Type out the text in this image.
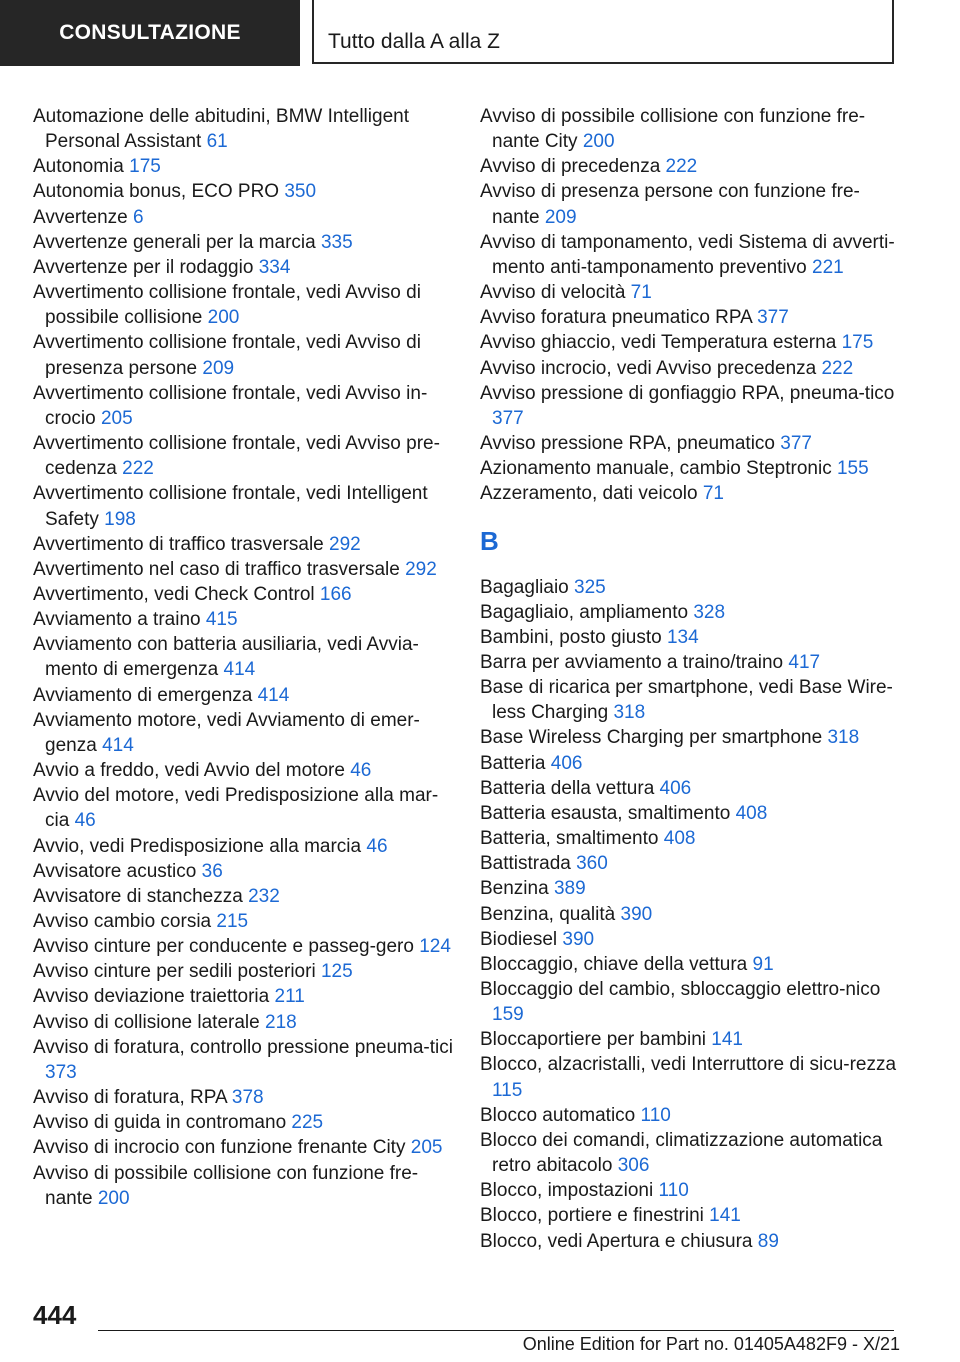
CONSULTAZIONE	Tutto dalla A alla Z

Automazione delle abitudini, BMW Intelligent Personal Assistant 61

Autonomia 175

Autonomia bonus, ECO PRO 350

Avvertenze 6

Avvertenze generali per la marcia 335

Avvertenze per il rodaggio 334

Avvertimento collisione frontale, vedi Avviso di possibile collisione 200

Avvertimento collisione frontale, vedi Avviso di presenza persone 209

Avvertimento collisione frontale, vedi Avviso in-crocio 205

Avvertimento collisione frontale, vedi Avviso pre-cedenza 222

Avvertimento collisione frontale, vedi Intelligent Safety 198

Avvertimento di traffico trasversale 292

Avvertimento nel caso di traffico trasversale 292

Avvertimento, vedi Check Control 166

Avviamento a traino 415

Avviamento con batteria ausiliaria, vedi Avvia-mento di emergenza 414

Avviamento di emergenza 414

Avviamento motore, vedi Avviamento di emer-genza 414

Avvio a freddo, vedi Avvio del motore 46

Avvio del motore, vedi Predisposizione alla mar-cia 46

Avvio, vedi Predisposizione alla marcia 46

Avvisatore acustico 36

Avvisatore di stanchezza 232

Avviso cambio corsia 215

Avviso cinture per conducente e passeg-gero 124

Avviso cinture per sedili posteriori 125

Avviso deviazione traiettoria 211

Avviso di collisione laterale 218

Avviso di foratura, controllo pressione pneuma-tici 373

Avviso di foratura, RPA 378

Avviso di guida in contromano 225

Avviso di incrocio con funzione frenante City 205

Avviso di possibile collisione con funzione fre-nante 200

Avviso di possibile collisione con funzione fre-nante City 200

Avviso di precedenza 222

Avviso di presenza persone con funzione fre-nante 209

Avviso di tamponamento, vedi Sistema di avverti-mento anti-tamponamento preventivo 221

Avviso di velocità 71

Avviso foratura pneumatico RPA 377

Avviso ghiaccio, vedi Temperatura esterna 175

Avviso incrocio, vedi Avviso precedenza 222

Avviso pressione di gonfiaggio RPA, pneuma-tico 377

Avviso pressione RPA, pneumatico 377

Azionamento manuale, cambio Steptronic 155

Azzeramento, dati veicolo 71

B

Bagagliaio 325

Bagagliaio, ampliamento 328

Bambini, posto giusto 134

Barra per avviamento a traino/traino 417

Base di ricarica per smartphone, vedi Base Wire-less Charging 318

Base Wireless Charging per smartphone 318

Batteria 406

Batteria della vettura 406

Batteria esausta, smaltimento 408

Batteria, smaltimento 408

Battistrada 360

Benzina 389

Benzina, qualità 390

Biodiesel 390

Bloccaggio, chiave della vettura 91

Bloccaggio del cambio, sbloccaggio elettro-nico 159

Bloccaportiere per bambini 141

Blocco, alzacristalli, vedi Interruttore di sicu-rezza 115

Blocco automatico 110

Blocco dei comandi, climatizzazione automatica retro abitacolo 306

Blocco, impostazioni 110

Blocco, portiere e finestrini 141

Blocco, vedi Apertura e chiusura 89

444
Online Edition for Part no. 01405A482F9 - X/21
